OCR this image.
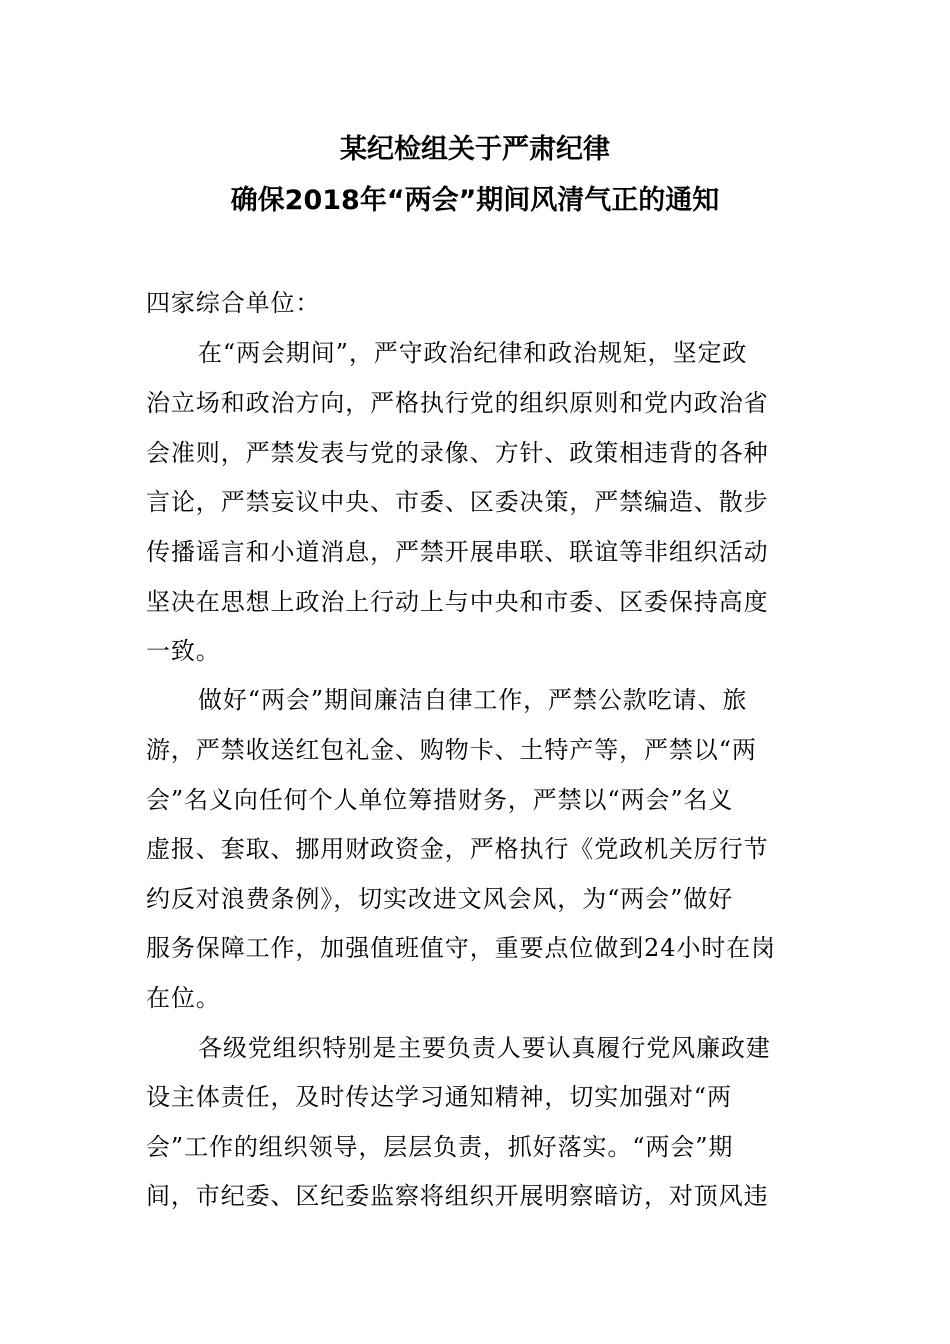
某纪检组关于严肃纪律
确保2018年“两会”期间风清气正的通知
四家综合单位：
在“两会期间”，严守政治纪律和政治规矩，坚定政
治立场和政治方向，严格执行党的组织原则和党内政治省
会准则，严禁发表与党的录像、方针、政策相违背的各种
言论，严禁妄议中央、市委、区委决策，严禁编造、散步
传播谣言和小道消息，严禁开展串联、联谊等非组织活动
坚决在思想上政治上行动上与中央和市委、区委保持高度
一致。
做好“两会”期间廉洁自律工作，严禁公款吃请、旅
游，严禁收送红包礼金、购物卡、土特产等，严禁以“两
会”名义向任何个人单位筹措财务，严禁以“两会”名义
虚报、套取、挪用财政资金，严格执行《党政机关厉行节
约反对浪费条例》，切实改进文风会风，为“两会”做好
服务保障工作，加强值班值守，重要点位做到24小时在岗
在位。
各级党组织特别是主要负责人要认真履行党风廉政建
设主体责任，及时传达学习通知精神，切实加强对“两
会”工作的组织领导，层层负责，抓好落实。“两会”期
间，市纪委、区纪委监察将组织开展明察暗访，对顶风违
